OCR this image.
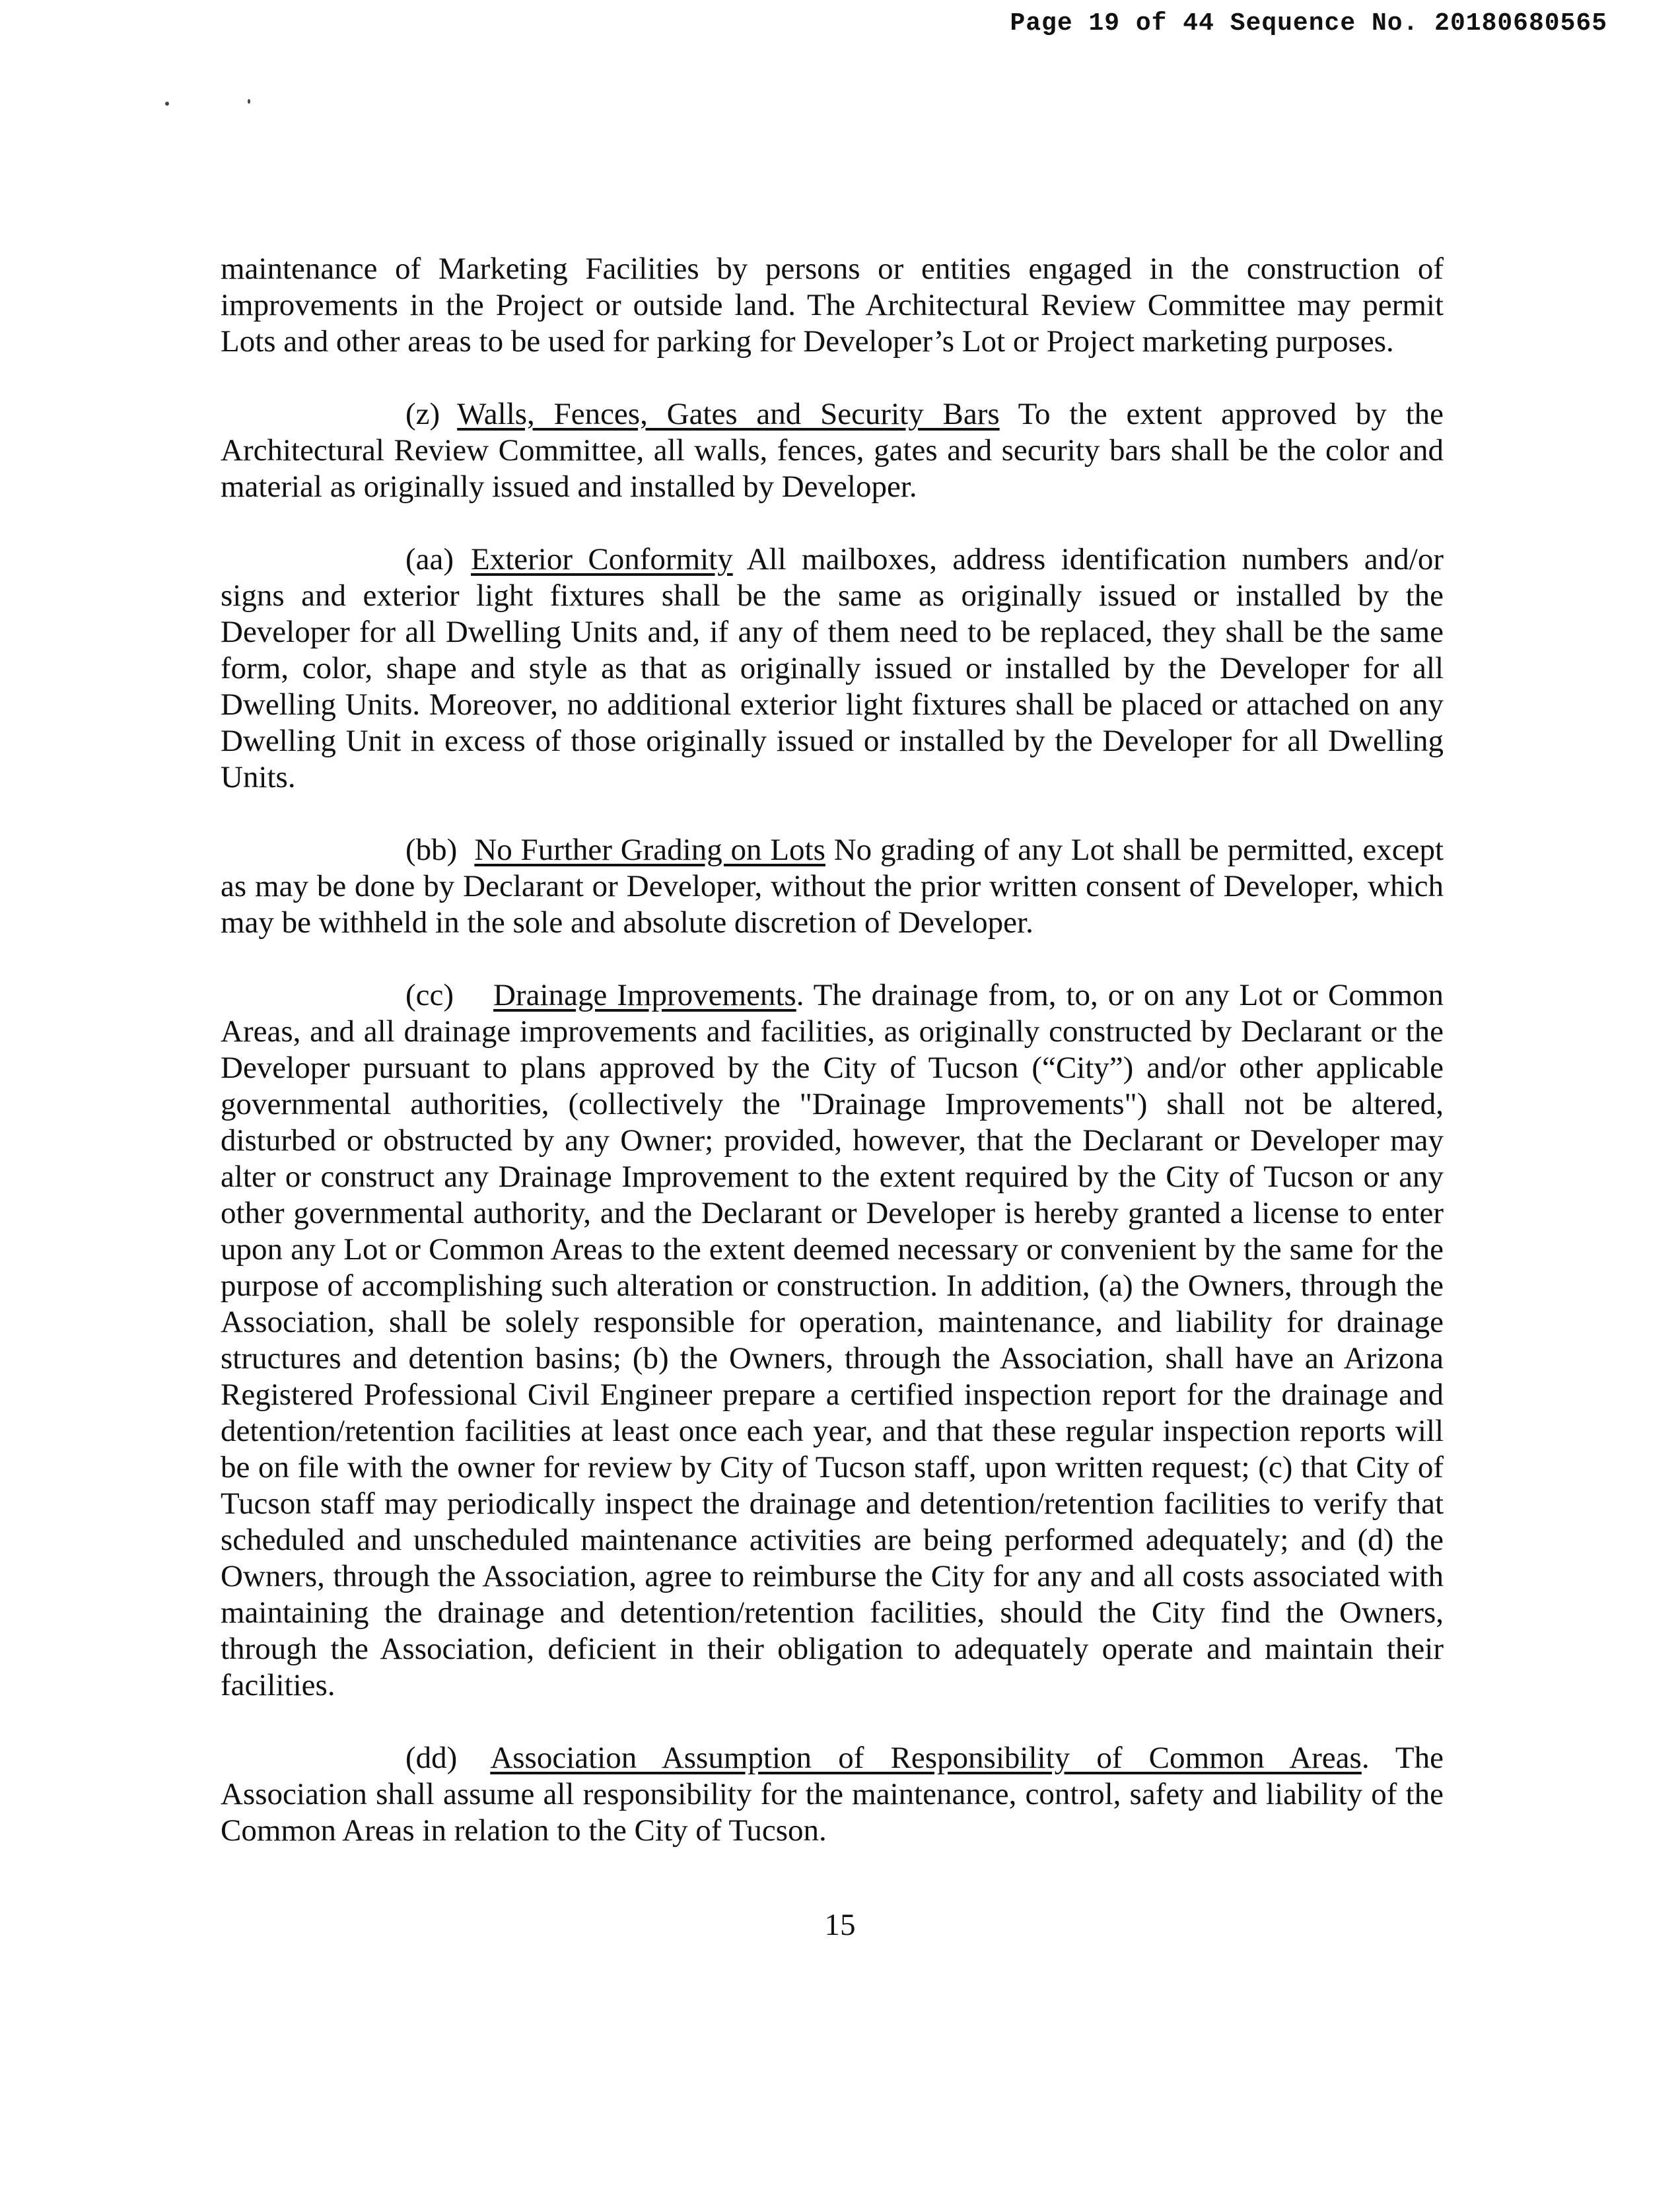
Page 19 of 44 Sequence No. 20180680565

maintenance of Marketing Facilities by persons or entities engaged in the construction of improvements in the Project or outside land. The Architectural Review Committee may permit Lots and other areas to be used for parking for Developer’s Lot or Project marketing purposes.

(z) Walls, Fences, Gates and Security Bars To the extent approved by the Architectural Review Committee, all walls, fences, gates and security bars shall be the color and material as originally issued and installed by Developer.

(aa) Exterior Conformity All mailboxes, address identification numbers and/or signs and exterior light fixtures shall be the same as originally issued or installed by the Developer for all Dwelling Units and, if any of them need to be replaced, they shall be the same form, color, shape and style as that as originally issued or installed by the Developer for all Dwelling Units. Moreover, no additional exterior light fixtures shall be placed or attached on any Dwelling Unit in excess of those originally issued or installed by the Developer for all Dwelling Units.

(bb) No Further Grading on Lots No grading of any Lot shall be permitted, except as may be done by Declarant or Developer, without the prior written consent of Developer, which may be withheld in the sole and absolute discretion of Developer.

(cc) Drainage Improvements. The drainage from, to, or on any Lot or Common Areas, and all drainage improvements and facilities, as originally constructed by Declarant or the Developer pursuant to plans approved by the City of Tucson (“City”) and/or other applicable governmental authorities, (collectively the "Drainage Improvements") shall not be altered, disturbed or obstructed by any Owner; provided, however, that the Declarant or Developer may alter or construct any Drainage Improvement to the extent required by the City of Tucson or any other governmental authority, and the Declarant or Developer is hereby granted a license to enter upon any Lot or Common Areas to the extent deemed necessary or convenient by the same for the purpose of accomplishing such alteration or construction. In addition, (a) the Owners, through the Association, shall be solely responsible for operation, maintenance, and liability for drainage structures and detention basins; (b) the Owners, through the Association, shall have an Arizona Registered Professional Civil Engineer prepare a certified inspection report for the drainage and detention/retention facilities at least once each year, and that these regular inspection reports will be on file with the owner for review by City of Tucson staff, upon written request; (c) that City of Tucson staff may periodically inspect the drainage and detention/retention facilities to verify that scheduled and unscheduled maintenance activities are being performed adequately; and (d) the Owners, through the Association, agree to reimburse the City for any and all costs associated with maintaining the drainage and detention/retention facilities, should the City find the Owners, through the Association, deficient in their obligation to adequately operate and maintain their facilities.

(dd) Association Assumption of Responsibility of Common Areas. The Association shall assume all responsibility for the maintenance, control, safety and liability of the Common Areas in relation to the City of Tucson.

15
